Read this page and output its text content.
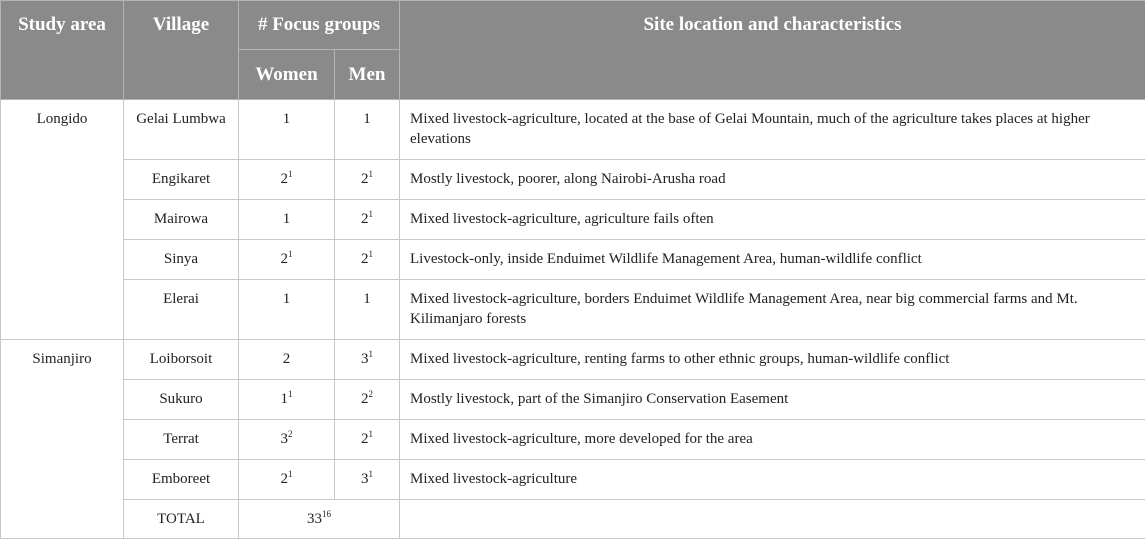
Study area	Village	# Focus groups		Site location and characteristics
		Women	Men	
Longido	Gelai Lumbwa	1	1	Mixed livestock-agriculture, located at the base of Gelai Mountain, much of the agriculture takes places at higher elevations
	Engikaret	$2^1$	$2^1$	Mostly livestock, poorer, along Nairobi-Arusha road
	Mairowa	1	$2^1$	Mixed livestock-agriculture, agriculture fails often
	Sinya	$2^1$	$2^1$	Livestock-only, inside Enduimet Wildlife Management Area, human-wildlife conflict
	Elerai	1	1	Mixed livestock-agriculture, borders Enduimet Wildlife Management Area, near big commercial farms and Mt. Kilimanjaro forests
Simanjiro	Loiborsoit	2	$3^1$	Mixed livestock-agriculture, renting farms to other ethnic groups, human-wildlife conflict
	Sukuro	$1^1$	$2^2$	Mostly livestock, part of the Simanjiro Conservation Easement
	Terrat	$3^2$	$2^1$	Mixed livestock-agriculture, more developed for the area
	Emboreet	$2^1$	$3^1$	Mixed livestock-agriculture
	TOTAL	$33^{16}$	
